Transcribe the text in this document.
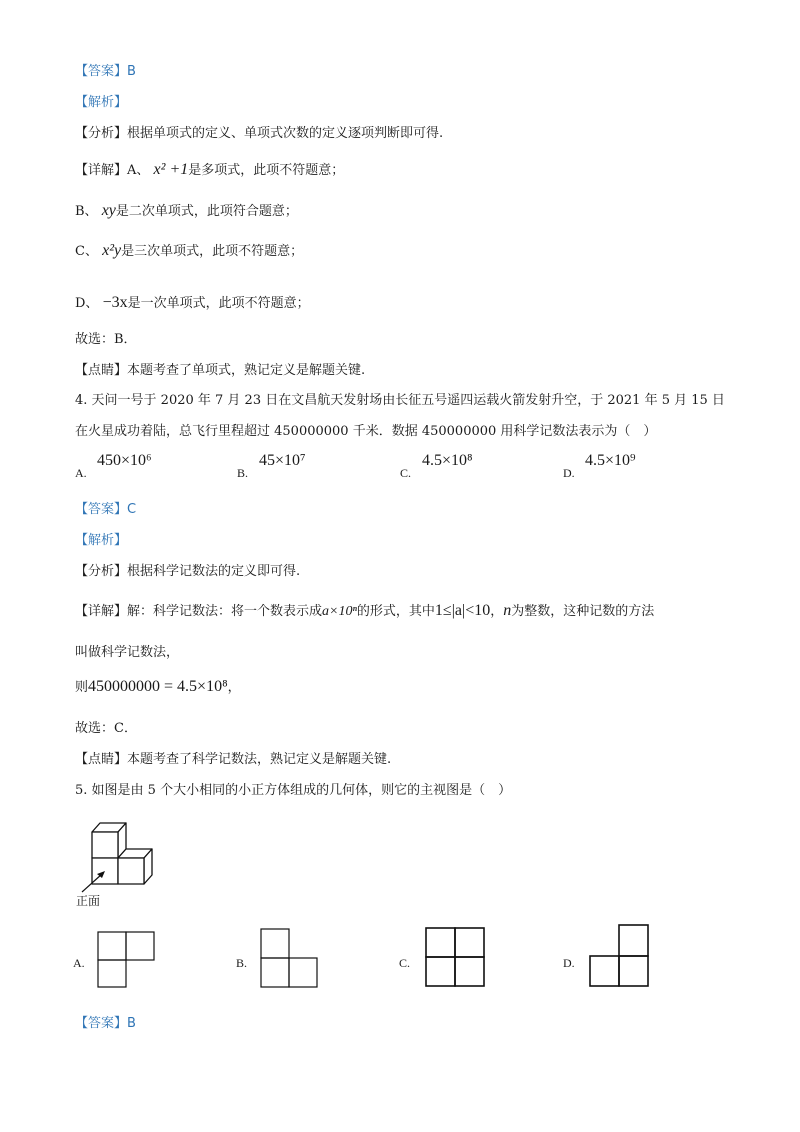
【答案】B
【解析】
【分析】根据单项式的定义、单项式次数的定义逐项判断即可得.
【详解】A、 x² +1是多项式，此项不符题意；
B、 xy是二次单项式，此项符合题意；
C、 x²y是三次单项式，此项不符题意；
D、 −3x是一次单项式，此项不符题意；
故选：B．
【点睛】本题考查了单项式，熟记定义是解题关键.
4. 天问一号于 2020 年 7 月 23 日在文昌航天发射场由长征五号遥四运载火箭发射升空，于 2021 年 5 月 15 日
在火星成功着陆，总飞行里程超过 450000000 千米．数据 450000000 用科学记数法表示为（　）
A.
450×10⁶
B.
45×10⁷
C.
4.5×10⁸
D.
4.5×10⁹
【答案】C
【解析】
【分析】根据科学记数法的定义即可得.
【详解】解：科学记数法：将一个数表示成a×10ⁿ的形式，其中1≤|a|<10，n为整数，这种记数的方法
叫做科学记数法，
则450000000 = 4.5×10⁸，
故选：C．
【点睛】本题考查了科学记数法，熟记定义是解题关键.
5. 如图是由 5 个大小相同的小正方体组成的几何体，则它的主视图是（　）
正面
A.	B.	C.	D.
【答案】B
